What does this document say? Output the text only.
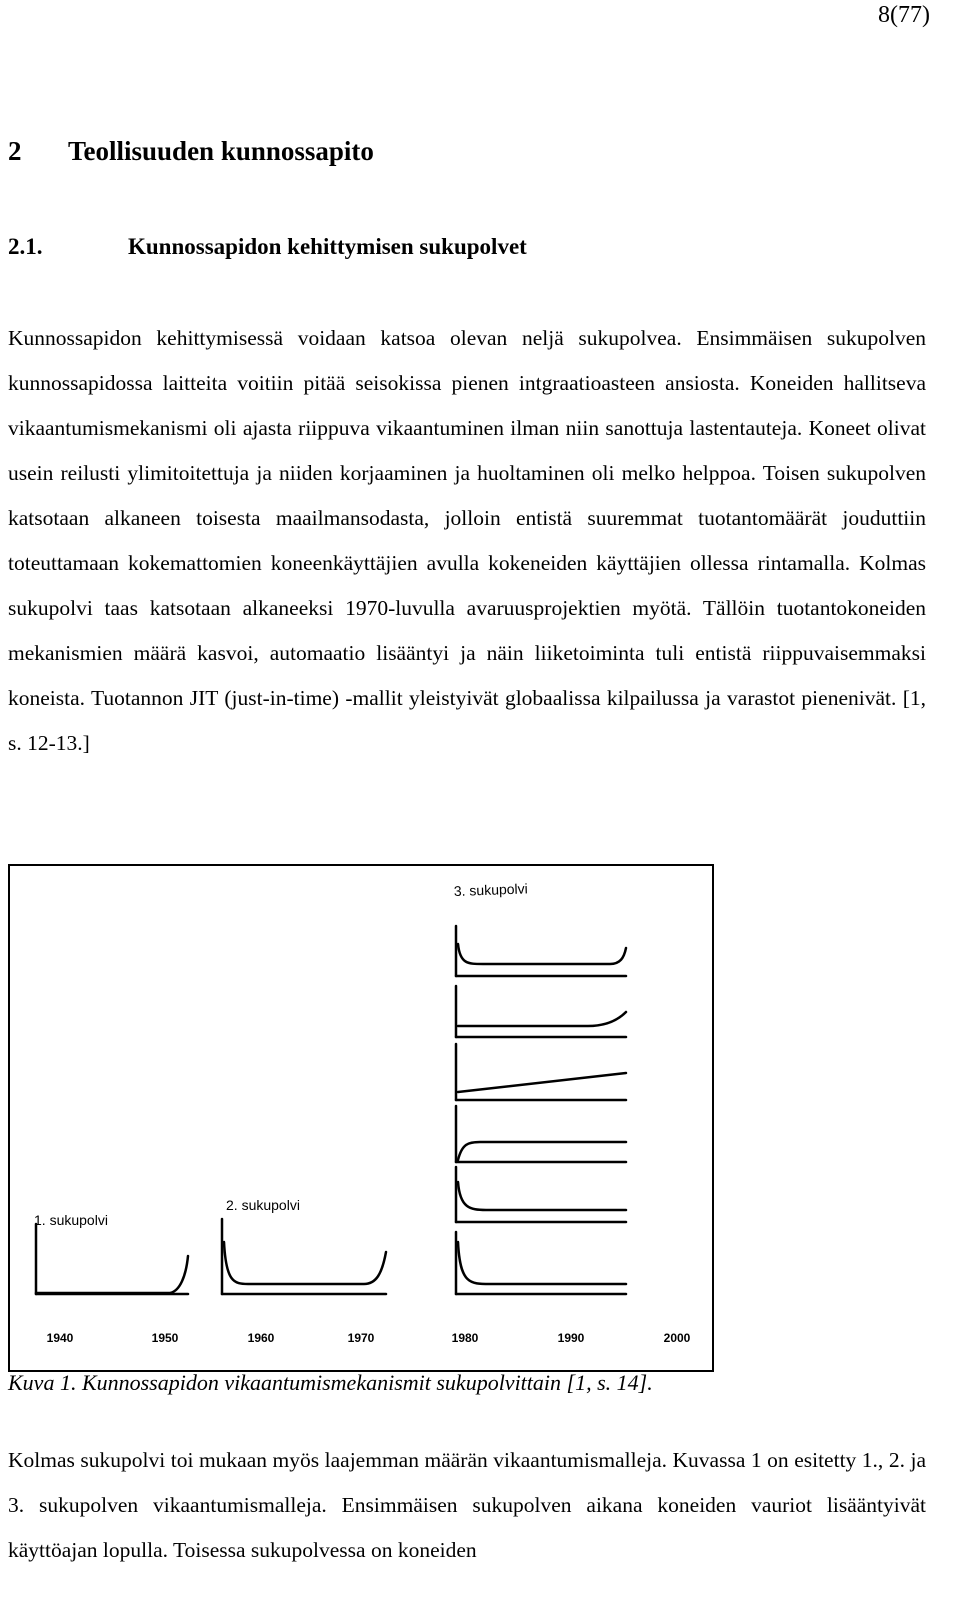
8(77)
2 Teollisuuden kunnossapito
2.1.	Kunnossapidon kehittymisen sukupolvet

Kunnossapidon kehittymisessä voidaan katsoa olevan neljä sukupolvea. Ensimmäisen sukupolven kunnossapidossa laitteita voitiin pitää seisokissa pienen intgraatioasteen ansiosta. Koneiden hallitseva vikaantumismekanismi oli ajasta riippuva vikaantuminen ilman niin sanottuja lastentauteja. Koneet olivat usein reilusti ylimitoitettuja ja niiden korjaaminen ja huoltaminen oli melko helppoa. Toisen sukupolven katsotaan alkaneen toisesta maailmansodasta, jolloin entistä suuremmat tuotantomäärät jouduttiin toteuttamaan kokemattomien koneenkäyttäjien avulla kokeneiden käyttäjien ollessa rintamalla. Kolmas sukupolvi taas katsotaan alkaneeksi 1970-luvulla avaruusprojektien myötä. Tällöin tuotantokoneiden mekanismien määrä kasvoi, automaatio lisääntyi ja näin liiketoiminta tuli entistä riippuvaisemmaksi koneista. Tuotannon JIT (just-in-time) -mallit yleistyivät globaalissa kilpailussa ja varastot pienenivät. [1, s. 12-13.]

1. sukupolvi
2. sukupolvi
3. sukupolvi
1940	1950	1960	1970	1980	1990	2000
Kuva 1. Kunnossapidon vikaantumismekanismit sukupolvittain [1, s. 14].

Kolmas sukupolvi toi mukaan myös laajemman määrän vikaantumismalleja. Kuvassa 1 on esitetty 1., 2. ja 3. sukupolven vikaantumismalleja. Ensimmäisen sukupolven aikana koneiden vauriot lisääntyivät käyttöajan lopulla. Toisessa sukupolvessa on koneiden
